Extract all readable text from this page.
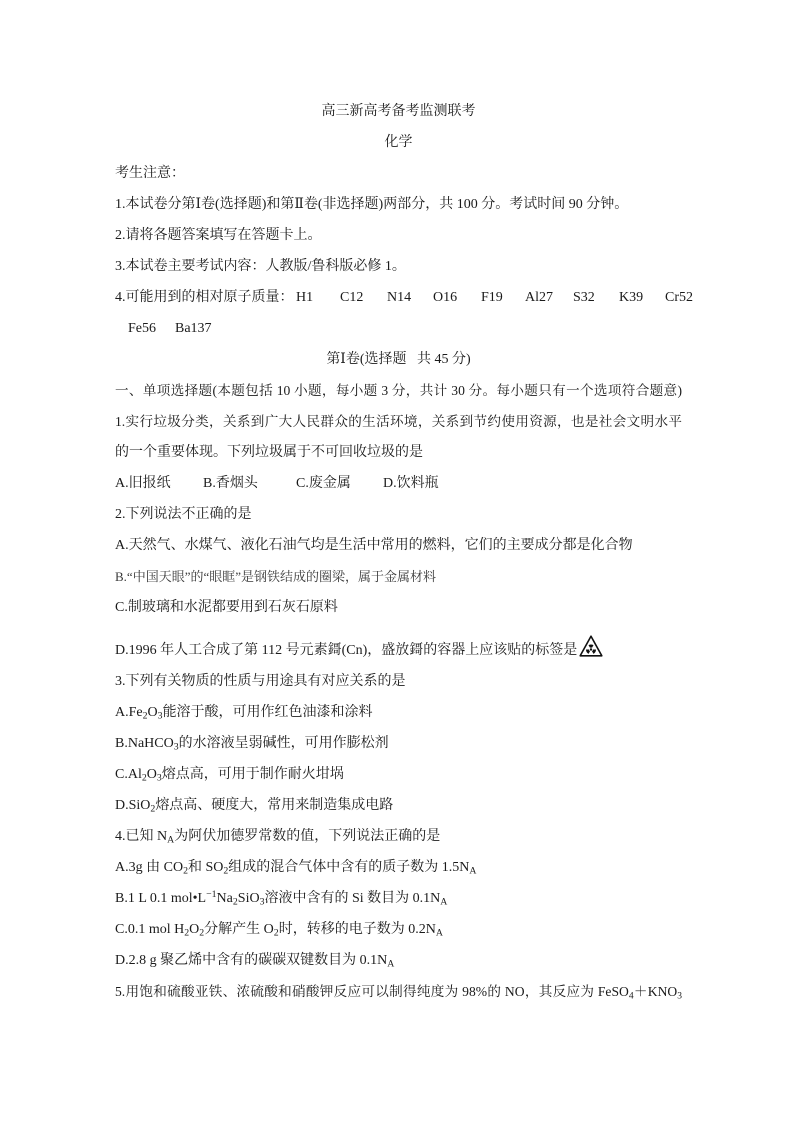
高三新高考备考监测联考
化学
考生注意：
1.本试卷分第Ⅰ卷(选择题)和第Ⅱ卷(非选择题)两部分，共 100 分。考试时间 90 分钟。
2.请将各题答案填写在答题卡上。
3.本试卷主要考试内容：人教版/鲁科版必修 1。
4.可能用到的相对原子质量： H1 C12 N14 O16 F19 Al27 S32 K39 Cr52
Fe56 Ba137
第Ⅰ卷(选择题   共 45 分)
一、单项选择题(本题包括 10 小题，每小题 3 分，共计 30 分。每小题只有一个选项符合题意)
1.实行垃圾分类，关系到广大人民群众的生活环境，关系到节约使用资源，也是社会文明水平
的一个重要体现。下列垃圾属于不可回收垃圾的是
A.旧报纸 B.香烟头	C.废金属 D.饮料瓶
2.下列说法不正确的是
A.天然气、水煤气、液化石油气均是生活中常用的燃料，它们的主要成分都是化合物
B.“中国天眼”的“眼眶”是钢铁结成的圈梁，属于金属材料
C.制玻璃和水泥都要用到石灰石原料
D.1996 年人工合成了第 112 号元素鎶(Cn)，盛放鎶的容器上应该贴的标签是
3.下列有关物质的性质与用途具有对应关系的是
$A.Fe_2O_3$能溶于酸，可用作红色油漆和涂料
B.NaHCO$_3$的水溶液呈弱碱性，可用作膨松剂
$C.Al_2O_3$熔点高，可用于制作耐火坩埚
D.SiO$_2$熔点高、硬度大，常用来制造集成电路
4.已知 $N_A$为阿伏加德罗常数的值，下列说法正确的是
A.3g 由 $CO_2$和 $SO_2$组成的混合气体中含有的质子数为 $1.5N_A$
B.1 L 0.1 $mol•L^{-1}Na_2SiO_3$溶液中含有的 Si 数目为 $0.1N_A$
C.0.1 mol $H_2O_2$分解产生 $O_2$时，转移的电子数为 $0.2N_A$
D.2.8 g 聚乙烯中含有的碳碳双键数目为 $0.1N_A$
5.用饱和硫酸亚铁、浓硫酸和硝酸钾反应可以制得纯度为 98%的 NO，其反应为 $FeSO_4+KNO_3$
